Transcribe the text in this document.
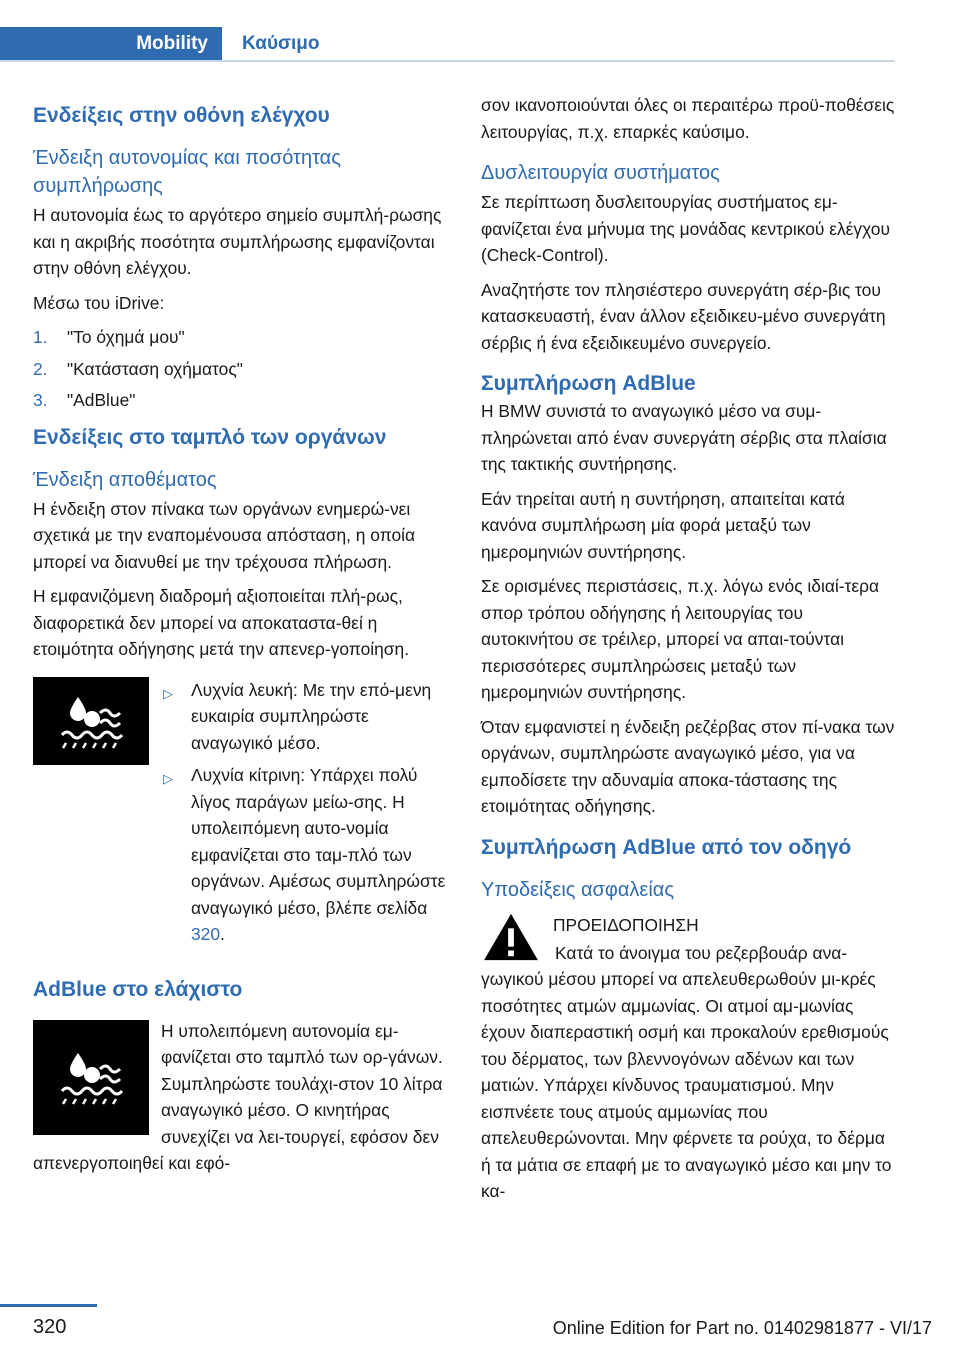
Mobility Καύσιμο
Ενδείξεις στην οθόνη ελέγχου
Ένδειξη αυτονομίας και ποσότητας συμπλήρωσης

Η αυτονομία έως το αργότερο σημείο συμπλή-ρωσης και η ακριβής ποσότητα συμπλήρωσης εμφανίζονται στην οθόνη ελέγχου.

Μέσω του iDrive:

1.	"Το όχημά μου"
2.	"Κατάσταση οχήματος"
3.	"AdBlue"
Ενδείξεις στο ταμπλό των οργάνων
Ένδειξη αποθέματος

Η ένδειξη στον πίνακα των οργάνων ενημερώ-νει σχετικά με την εναπομένουσα απόσταση, η οποία μπορεί να διανυθεί με την τρέχουσα πλήρωση.

Η εμφανιζόμενη διαδρομή αξιοποιείται πλή-ρως, διαφορετικά δεν μπορεί να αποκαταστα-θεί η ετοιμότητα οδήγησης μετά την απενερ-γοποίηση.

▷	Λυχνία λευκή: Με την επό-μενη ευκαιρία συμπληρώστε αναγωγικό μέσο.
▷	Λυχνία κίτρινη: Υπάρχει πολύ λίγος παράγων μείω-σης. Η υπολειπόμενη αυτο-νομία εμφανίζεται στο ταμ-πλό των οργάνων. Αμέσως συμπληρώστε αναγωγικό μέσο, βλέπε σελίδα 320.
AdBlue στο ελάχιστο

Η υπολειπόμενη αυτονομία εμ-φανίζεται στο ταμπλό των ορ-γάνων. Συμπληρώστε τουλάχι-στον 10 λίτρα αναγωγικό μέσο. Ο κινητήρας συνεχίζει να λει-τουργεί, εφόσον δεν απενεργοποιηθεί και εφό-

σον ικανοποιούνται όλες οι περαιτέρω προϋ-ποθέσεις λειτουργίας, π.χ. επαρκές καύσιμο.

Δυσλειτουργία συστήματος

Σε περίπτωση δυσλειτουργίας συστήματος εμ-φανίζεται ένα μήνυμα της μονάδας κεντρικού ελέγχου (Check-Control).

Αναζητήστε τον πλησιέστερο συνεργάτη σέρ-βις του κατασκευαστή, έναν άλλον εξειδικευ-μένο συνεργάτη σέρβις ή ένα εξειδικευμένο συνεργείο.

Συμπλήρωση AdBlue

Η BMW συνιστά το αναγωγικό μέσο να συμ-πληρώνεται από έναν συνεργάτη σέρβις στα πλαίσια της τακτικής συντήρησης.

Εάν τηρείται αυτή η συντήρηση, απαιτείται κατά κανόνα συμπλήρωση μία φορά μεταξύ των ημερομηνιών συντήρησης.

Σε ορισμένες περιστάσεις, π.χ. λόγω ενός ιδιαί-τερα σπορ τρόπου οδήγησης ή λειτουργίας του αυτοκινήτου σε τρέιλερ, μπορεί να απαι-τούνται περισσότερες συμπληρώσεις μεταξύ των ημερομηνιών συντήρησης.

Όταν εμφανιστεί η ένδειξη ρεζέρβας στον πί-νακα των οργάνων, συμπληρώστε αναγωγικό μέσο, για να εμποδίσετε την αδυναμία αποκα-τάστασης της ετοιμότητας οδήγησης.

Συμπλήρωση AdBlue από τον οδηγό
Υποδείξεις ασφαλείας

ΠΡΟΕΙΔΟΠΟΙΗΣΗ

Κατά το άνοιγμα του ρεζερβουάρ ανα-γωγικού μέσου μπορεί να απελευθερωθούν μι-κρές ποσότητες ατμών αμμωνίας. Οι ατμοί αμ-μωνίας έχουν διαπεραστική οσμή και προκαλούν ερεθισμούς του δέρματος, των βλεννογόνων αδένων και των ματιών. Υπάρχει κίνδυνος τραυματισμού. Μην εισπνέετε τους ατμούς αμμωνίας που απελευθερώνονται. Μην φέρνετε τα ρούχα, το δέρμα ή τα μάτια σε επαφή με το αναγωγικό μέσο και μην το κα-

320	Online Edition for Part no. 01402981877 - VI/17
